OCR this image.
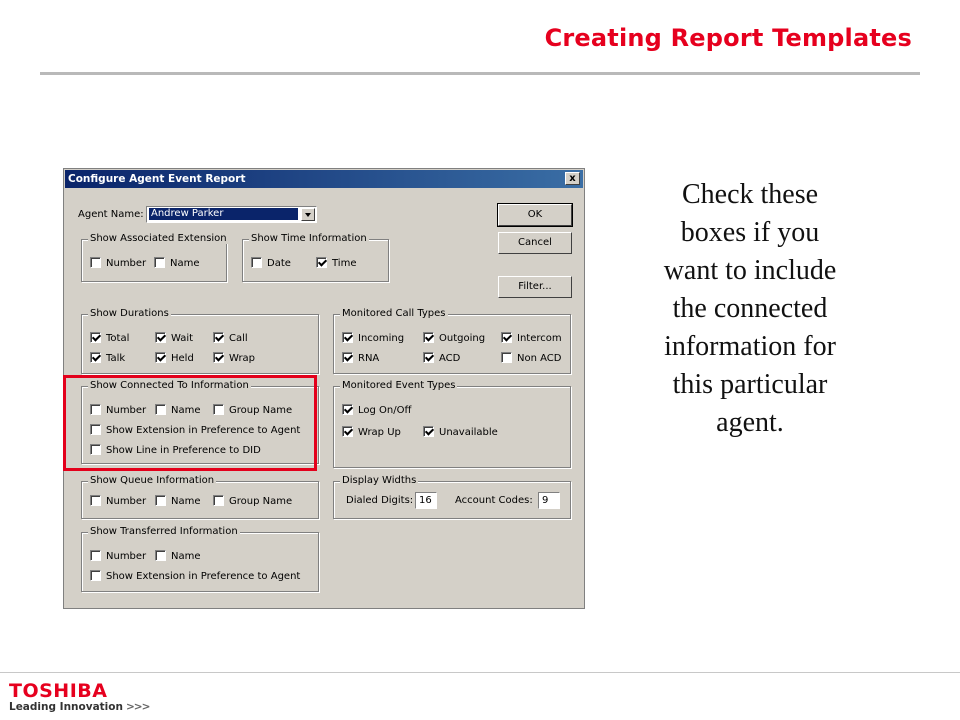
Creating Report Templates
Configure Agent Event Report	x
Agent Name: Andrew Parker	OK
Cancel
Filter...
Show Associated Extension
Number	Name
Show Time Information
Date	Time
Show Durations
Total	Wait	Call
Talk	Held	Wrap
Monitored Call Types
Incoming	Outgoing	Intercom
RNA	ACD	Non ACD
Show Connected To Information
Number	Name	Group Name
Show Extension in Preference to Agent
Show Line in Preference to DID
Monitored Event Types
Log On/Off
Wrap Up	Unavailable
Show Queue Information
Number	Name	Group Name
Display Widths
Dialed Digits: 16	Account Codes: 9
Show Transferred Information
Number	Name
Show Extension in Preference to Agent
Check these
boxes if you
want to include
the connected
information for
this particular
agent.
TOSHIBA
Leading Innovation >>>
